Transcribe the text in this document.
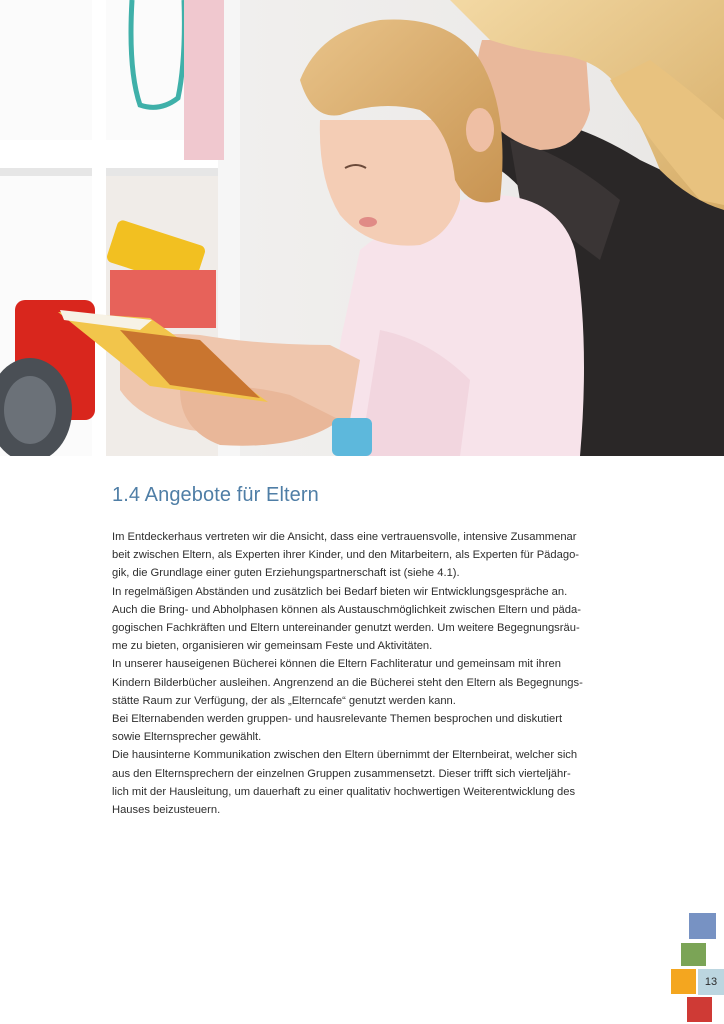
1.4 Angebote für Eltern
Im Entdeckerhaus vertreten wir die Ansicht, dass eine vertrauensvolle, intensive Zusammenar
beit zwischen Eltern, als Experten ihrer Kinder, und den Mitarbeitern, als Experten für Pädago-
gik, die Grundlage einer guten Erziehungspartnerschaft ist (siehe 4.1).
In regelmäßigen Abständen und zusätzlich bei Bedarf bieten wir Entwicklungsgespräche an.
Auch die Bring- und Abholphasen können als Austauschmöglichkeit zwischen Eltern und päda-
gogischen Fachkräften und Eltern untereinander genutzt werden. Um weitere Begegnungsräu-
me zu bieten, organisieren wir gemeinsam Feste und Aktivitäten.
In unserer hauseigenen Bücherei können die Eltern Fachliteratur und gemeinsam mit ihren
Kindern Bilderbücher ausleihen. Angrenzend an die Bücherei steht den Eltern als Begegnungs-
stätte Raum zur Verfügung, der als „Elterncafe“ genutzt werden kann.
Bei Elternabenden werden gruppen- und hausrelevante Themen besprochen und diskutiert
sowie Elternsprecher gewählt.
Die hausinterne Kommunikation zwischen den Eltern übernimmt der Elternbeirat, welcher sich
aus den Elternsprechern der einzelnen Gruppen zusammensetzt. Dieser trifft sich vierteljähr-
lich mit der Hausleitung, um dauerhaft zu einer qualitativ hochwertigen Weiterentwicklung des
Hauses beizusteuern.
13
